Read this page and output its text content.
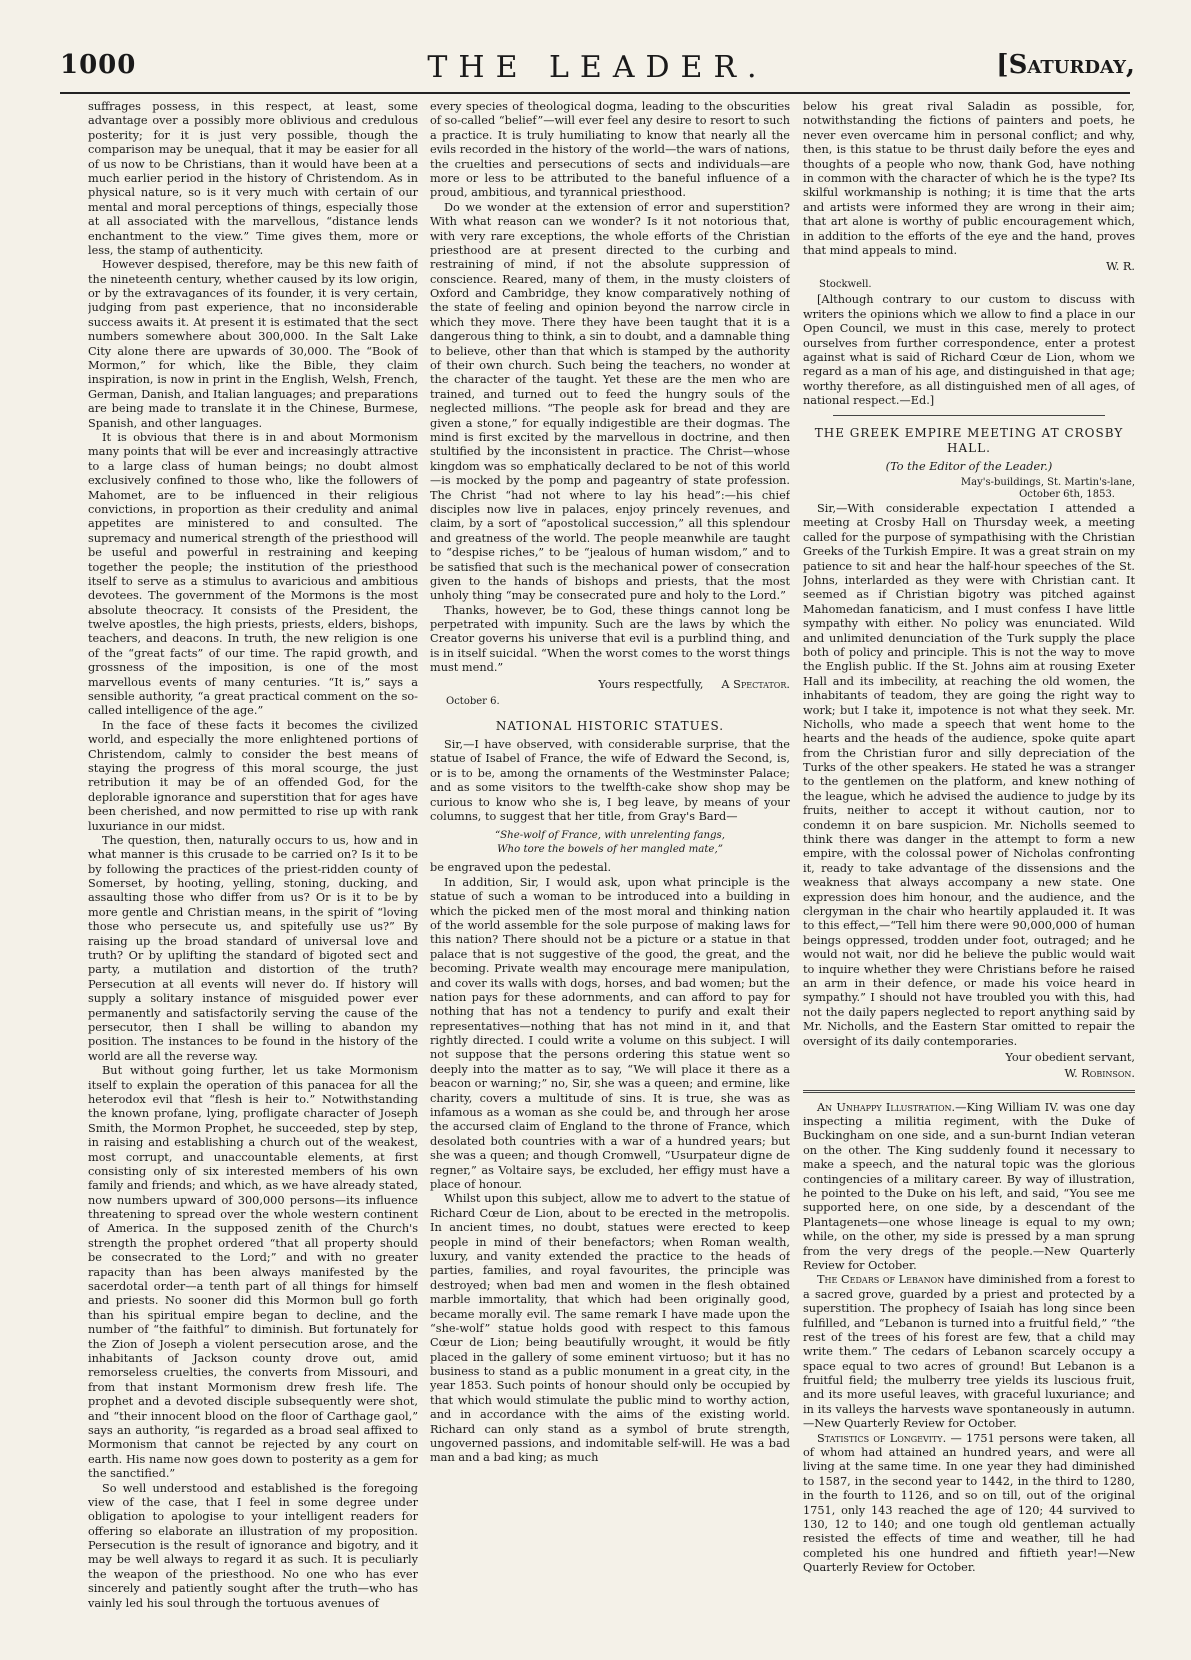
1000	THE LEADER.	[Saturday,

suffrages possess, in this respect, at least, some advantage over a possibly more oblivious and credulous posterity; for it is just very possible, though the comparison may be unequal, that it may be easier for all of us now to be Christians, than it would have been at a much earlier period in the history of Christendom. As in physical nature, so is it very much with certain of our mental and moral perceptions of things, especially those at all associated with the marvellous, “distance lends enchantment to the view.” Time gives them, more or less, the stamp of authenticity.

However despised, therefore, may be this new faith of the nineteenth century, whether caused by its low origin, or by the extravagances of its founder, it is very certain, judging from past experience, that no inconsiderable success awaits it. At present it is estimated that the sect numbers somewhere about 300,000. In the Salt Lake City alone there are upwards of 30,000. The “Book of Mormon,” for which, like the Bible, they claim inspiration, is now in print in the English, Welsh, French, German, Danish, and Italian languages; and preparations are being made to translate it in the Chinese, Burmese, Spanish, and other languages.

It is obvious that there is in and about Mormonism many points that will be ever and increasingly attractive to a large class of human beings; no doubt almost exclusively confined to those who, like the followers of Mahomet, are to be influenced in their religious convictions, in proportion as their credulity and animal appetites are ministered to and consulted. The supremacy and numerical strength of the priesthood will be useful and powerful in restraining and keeping together the people; the institution of the priesthood itself to serve as a stimulus to avaricious and ambitious devotees. The government of the Mormons is the most absolute theocracy. It consists of the President, the twelve apostles, the high priests, priests, elders, bishops, teachers, and deacons. In truth, the new religion is one of the “great facts” of our time. The rapid growth, and grossness of the imposition, is one of the most marvellous events of many centuries. “It is,” says a sensible authority, “a great practical comment on the so-called intelligence of the age.”

In the face of these facts it becomes the civilized world, and especially the more enlightened portions of Christendom, calmly to consider the best means of staying the progress of this moral scourge, the just retribution it may be of an offended God, for the deplorable ignorance and superstition that for ages have been cherished, and now permitted to rise up with rank luxuriance in our midst.

The question, then, naturally occurs to us, how and in what manner is this crusade to be carried on? Is it to be by following the practices of the priest-ridden county of Somerset, by hooting, yelling, stoning, ducking, and assaulting those who differ from us? Or is it to be by more gentle and Christian means, in the spirit of “loving those who persecute us, and spitefully use us?” By raising up the broad standard of universal love and truth? Or by uplifting the standard of bigoted sect and party, a mutilation and distortion of the truth? Persecution at all events will never do. If history will supply a solitary instance of misguided power ever permanently and satisfactorily serving the cause of the persecutor, then I shall be willing to abandon my position. The instances to be found in the history of the world are all the reverse way.

But without going further, let us take Mormonism itself to explain the operation of this panacea for all the heterodox evil that “flesh is heir to.” Notwithstanding the known profane, lying, profligate character of Joseph Smith, the Mormon Prophet, he succeeded, step by step, in raising and establishing a church out of the weakest, most corrupt, and unaccountable elements, at first consisting only of six interested members of his own family and friends; and which, as we have already stated, now numbers upward of 300,000 persons—its influence threatening to spread over the whole western continent of America. In the supposed zenith of the Church's strength the prophet ordered “that all property should be consecrated to the Lord;” and with no greater rapacity than has been always manifested by the sacerdotal order—a tenth part of all things for himself and priests. No sooner did this Mormon bull go forth than his spiritual empire began to decline, and the number of “the faithful” to diminish. But fortunately for the Zion of Joseph a violent persecution arose, and the inhabitants of Jackson county drove out, amid remorseless cruelties, the converts from Missouri, and from that instant Mormonism drew fresh life. The prophet and a devoted disciple subsequently were shot, and “their innocent blood on the floor of Carthage gaol,” says an authority, “is regarded as a broad seal affixed to Mormonism that cannot be rejected by any court on earth. His name now goes down to posterity as a gem for the sanctified.”

So well understood and established is the foregoing view of the case, that I feel in some degree under obligation to apologise to your intelligent readers for offering so elaborate an illustration of my proposition. Persecution is the result of ignorance and bigotry, and it may be well always to regard it as such. It is peculiarly the weapon of the priesthood. No one who has ever sincerely and patiently sought after the truth—who has vainly led his soul through the tortuous avenues of

every species of theological dogma, leading to the obscurities of so-called “belief”—will ever feel any desire to resort to such a practice. It is truly humiliating to know that nearly all the evils recorded in the history of the world—the wars of nations, the cruelties and persecutions of sects and individuals—are more or less to be attributed to the baneful influence of a proud, ambitious, and tyrannical priesthood.

Do we wonder at the extension of error and superstition? With what reason can we wonder? Is it not notorious that, with very rare exceptions, the whole efforts of the Christian priesthood are at present directed to the curbing and restraining of mind, if not the absolute suppression of conscience. Reared, many of them, in the musty cloisters of Oxford and Cambridge, they know comparatively nothing of the state of feeling and opinion beyond the narrow circle in which they move. There they have been taught that it is a dangerous thing to think, a sin to doubt, and a damnable thing to believe, other than that which is stamped by the authority of their own church. Such being the teachers, no wonder at the character of the taught. Yet these are the men who are trained, and turned out to feed the hungry souls of the neglected millions. “The people ask for bread and they are given a stone,” for equally indigestible are their dogmas. The mind is first excited by the marvellous in doctrine, and then stultified by the inconsistent in practice. The Christ—whose kingdom was so emphatically declared to be not of this world—is mocked by the pomp and pageantry of state profession. The Christ “had not where to lay his head”:—his chief disciples now live in palaces, enjoy princely revenues, and claim, by a sort of “apostolical succession,” all this splendour and greatness of the world. The people meanwhile are taught to “despise riches,” to be “jealous of human wisdom,” and to be satisfied that such is the mechanical power of consecration given to the hands of bishops and priests, that the most unholy thing “may be consecrated pure and holy to the Lord.”

Thanks, however, be to God, these things cannot long be perpetrated with impunity. Such are the laws by which the Creator governs his universe that evil is a purblind thing, and is in itself suicidal. “When the worst comes to the worst things must mend.”

Yours respectfully, A Spectator.
October 6.
NATIONAL HISTORIC STATUES.

Sir,—I have observed, with considerable surprise, that the statue of Isabel of France, the wife of Edward the Second, is, or is to be, among the ornaments of the Westminster Palace; and as some visitors to the twelfth-cake show shop may be curious to know who she is, I beg leave, by means of your columns, to suggest that her title, from Gray's Bard—

“She-wolf of France, with unrelenting fangs,
Who tore the bowels of her mangled mate,”

be engraved upon the pedestal.

In addition, Sir, I would ask, upon what principle is the statue of such a woman to be introduced into a building in which the picked men of the most moral and thinking nation of the world assemble for the sole purpose of making laws for this nation? There should not be a picture or a statue in that palace that is not suggestive of the good, the great, and the becoming. Private wealth may encourage mere manipulation, and cover its walls with dogs, horses, and bad women; but the nation pays for these adornments, and can afford to pay for nothing that has not a tendency to purify and exalt their representatives—nothing that has not mind in it, and that rightly directed. I could write a volume on this subject. I will not suppose that the persons ordering this statue went so deeply into the matter as to say, “We will place it there as a beacon or warning;” no, Sir, she was a queen; and ermine, like charity, covers a multitude of sins. It is true, she was as infamous as a woman as she could be, and through her arose the accursed claim of England to the throne of France, which desolated both countries with a war of a hundred years; but she was a queen; and though Cromwell, “Usurpateur digne de regner,” as Voltaire says, be excluded, her effigy must have a place of honour.

Whilst upon this subject, allow me to advert to the statue of Richard Cœur de Lion, about to be erected in the metropolis. In ancient times, no doubt, statues were erected to keep people in mind of their benefactors; when Roman wealth, luxury, and vanity extended the practice to the heads of parties, families, and royal favourites, the principle was destroyed; when bad men and women in the flesh obtained marble immortality, that which had been originally good, became morally evil. The same remark I have made upon the “she-wolf” statue holds good with respect to this famous Cœur de Lion; being beautifully wrought, it would be fitly placed in the gallery of some eminent virtuoso; but it has no business to stand as a public monument in a great city, in the year 1853. Such points of honour should only be occupied by that which would stimulate the public mind to worthy action, and in accordance with the aims of the existing world. Richard can only stand as a symbol of brute strength, ungoverned passions, and indomitable self-will. He was a bad man and a bad king; as much

below his great rival Saladin as possible, for, notwithstanding the fictions of painters and poets, he never even overcame him in personal conflict; and why, then, is this statue to be thrust daily before the eyes and thoughts of a people who now, thank God, have nothing in common with the character of which he is the type? Its skilful workmanship is nothing; it is time that the arts and artists were informed they are wrong in their aim; that art alone is worthy of public encouragement which, in addition to the efforts of the eye and the hand, proves that mind appeals to mind.

W. R.
Stockwell.

[Although contrary to our custom to discuss with writers the opinions which we allow to find a place in our Open Council, we must in this case, merely to protect ourselves from further correspondence, enter a protest against what is said of Richard Cœur de Lion, whom we regard as a man of his age, and distinguished in that age; worthy therefore, as all distinguished men of all ages, of national respect.—Ed.]

THE GREEK EMPIRE MEETING AT CROSBY HALL.
(To the Editor of the Leader.)
May's-buildings, St. Martin's-lane,
October 6th, 1853.

Sir,—With considerable expectation I attended a meeting at Crosby Hall on Thursday week, a meeting called for the purpose of sympathising with the Christian Greeks of the Turkish Empire. It was a great strain on my patience to sit and hear the half-hour speeches of the St. Johns, interlarded as they were with Christian cant. It seemed as if Christian bigotry was pitched against Mahomedan fanaticism, and I must confess I have little sympathy with either. No policy was enunciated. Wild and unlimited denunciation of the Turk supply the place both of policy and principle. This is not the way to move the English public. If the St. Johns aim at rousing Exeter Hall and its imbecility, at reaching the old women, the inhabitants of teadom, they are going the right way to work; but I take it, impotence is not what they seek. Mr. Nicholls, who made a speech that went home to the hearts and the heads of the audience, spoke quite apart from the Christian furor and silly depreciation of the Turks of the other speakers. He stated he was a stranger to the gentlemen on the platform, and knew nothing of the league, which he advised the audience to judge by its fruits, neither to accept it without caution, nor to condemn it on bare suspicion. Mr. Nicholls seemed to think there was danger in the attempt to form a new empire, with the colossal power of Nicholas confronting it, ready to take advantage of the dissensions and the weakness that always accompany a new state. One expression does him honour, and the audience, and the clergyman in the chair who heartily applauded it. It was to this effect,—“Tell him there were 90,000,000 of human beings oppressed, trodden under foot, outraged; and he would not wait, nor did he believe the public would wait to inquire whether they were Christians before he raised an arm in their defence, or made his voice heard in sympathy.” I should not have troubled you with this, had not the daily papers neglected to report anything said by Mr. Nicholls, and the Eastern Star omitted to repair the oversight of its daily contemporaries.

Your obedient servant,
W. Robinson.

An Unhappy Illustration.—King William IV. was one day inspecting a militia regiment, with the Duke of Buckingham on one side, and a sun-burnt Indian veteran on the other. The King suddenly found it necessary to make a speech, and the natural topic was the glorious contingencies of a military career. By way of illustration, he pointed to the Duke on his left, and said, “You see me supported here, on one side, by a descendant of the Plantagenets—one whose lineage is equal to my own; while, on the other, my side is pressed by a man sprung from the very dregs of the people.—New Quarterly Review for October.

The Cedars of Lebanon have diminished from a forest to a sacred grove, guarded by a priest and protected by a superstition. The prophecy of Isaiah has long since been fulfilled, and “Lebanon is turned into a fruitful field,” “the rest of the trees of his forest are few, that a child may write them.” The cedars of Lebanon scarcely occupy a space equal to two acres of ground! But Lebanon is a fruitful field; the mulberry tree yields its luscious fruit, and its more useful leaves, with graceful luxuriance; and in its valleys the harvests wave spontaneously in autumn.—New Quarterly Review for October.

Statistics of Longevity. — 1751 persons were taken, all of whom had attained an hundred years, and were all living at the same time. In one year they had diminished to 1587, in the second year to 1442, in the third to 1280, in the fourth to 1126, and so on till, out of the original 1751, only 143 reached the age of 120; 44 survived to 130, 12 to 140; and one tough old gentleman actually resisted the effects of time and weather, till he had completed his one hundred and fiftieth year!—New Quarterly Review for October.
